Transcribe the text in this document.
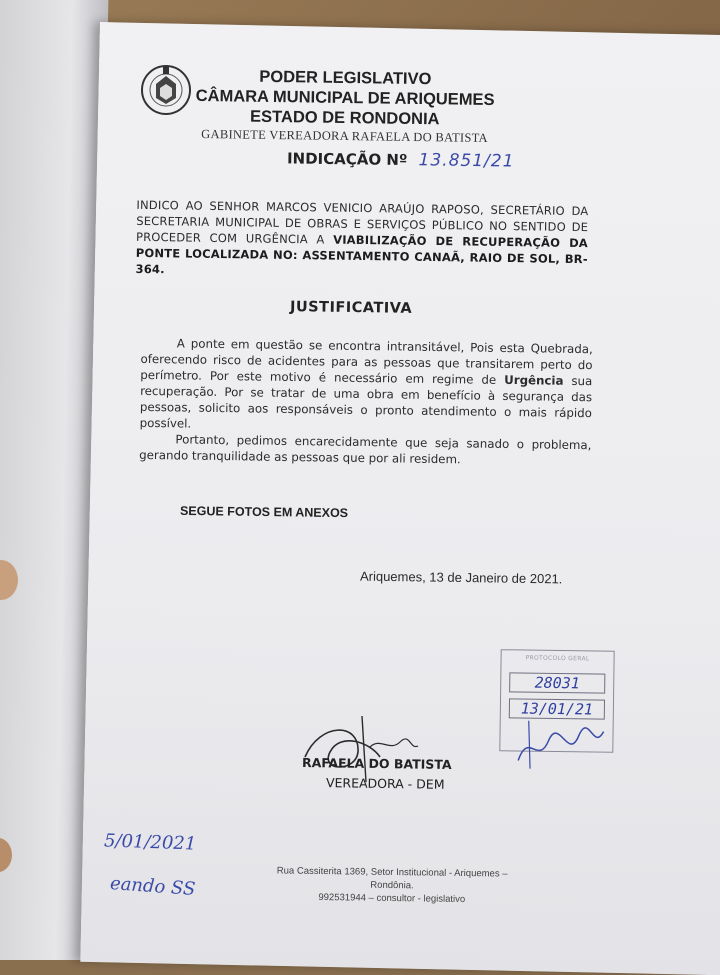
PODER LEGISLATIVO
CÂMARA MUNICIPAL DE ARIQUEMES
ESTADO DE RONDONIA
GABINETE VEREADORA RAFAELA DO BATISTA
INDICAÇÃO Nº 13.851/21
INDICO AO SENHOR MARCOS VENICIO ARAÚJO RAPOSO, SECRETÁRIO DA SECRETARIA MUNICIPAL DE OBRAS E SERVIÇOS PÚBLICO NO SENTIDO DE PROCEDER COM URGÊNCIA A VIABILIZAÇÃO DE RECUPERAÇÃO DA PONTE LOCALIZADA NO: ASSENTAMENTO CANAÃ, RAIO DE SOL, BR-364.
JUSTIFICATIVA

A ponte em questão se encontra intransitável, Pois esta Quebrada, oferecendo risco de acidentes para as pessoas que transitarem perto do perímetro. Por este motivo é necessário em regime de Urgência sua recuperação. Por se tratar de uma obra em benefício à segurança das pessoas, solicito aos responsáveis o pronto atendimento o mais rápido possível.

Portanto, pedimos encarecidamente que seja sanado o problema, gerando tranquilidade as pessoas que por ali residem.

SEGUE FOTOS EM ANEXOS
Ariquemes, 13 de Janeiro de 2021.
PROTOCOLO GERAL
28031
13/01/21
RAFAELA DO BATISTA
VEREADORA - DEM
5/01/2021
eando SS
Rua Cassiterita 1369, Setor Institucional - Ariquemes – Rondônia.
992531944 – consultor - legislativo
